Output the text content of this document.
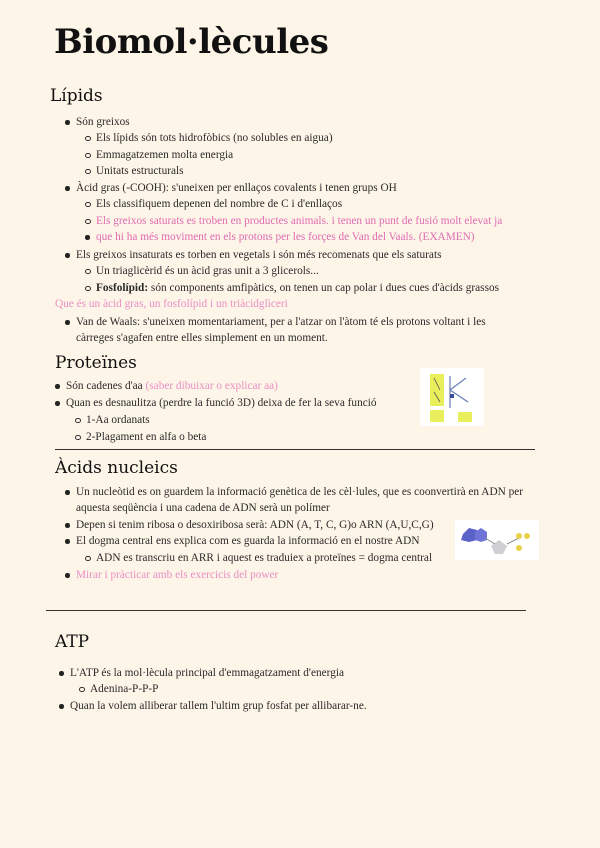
Biomol·lècules
Lípids
Són greixos
Els lípids són tots hidrofòbics (no solubles en aigua)
Emmagatzemen molta energia
Unitats estructurals
Àcid gras (-COOH): s'uneixen per enllaços covalents i tenen grups OH
Els classifiquem depenen del nombre de C i d'enllaços
Els greixos saturats es troben en productes animals. i tenen un punt de fusió molt elevat ja
que hi ha més moviment en els protons per les forçes de Van del Vaals. (EXAMEN)
Els greixos insaturats es torben en vegetals i són més recomenats que els saturats
Un triaglicèrid és un àcid gras unit a 3 glicerols...
Fosfolípid: són components amfipàtics, on tenen un cap polar i dues cues d'àcids grassos
Que és un àcid gras, un fosfolípid i un triàcidglìceri
Van de Waals: s'uneixen momentariament, per a l'atzar on l'àtom té els protons voltant i les
càrreges s'agafen entre elles simplement en un moment.
Proteïnes
Són cadenes d'aa (saber dibuixar o explicar aa)
Quan es desnaulitza (perdre la funció 3D) deixa de fer la seva funció
1-Aa ordanats
2-Plagament en alfa o beta
Àcids nucleics
Un nucleòtid es on guardem la informació genètica de les cèl·lules, que es coonvertirà en ADN per
aquesta seqüència i una cadena de ADN serà un polímer
Depen si tenim ribosa o desoxiribosa serà: ADN (A, T, C, G)o ARN (A,U,C,G)
El dogma central ens explica com es guarda la informació en el nostre ADN
ADN es transcriu en ARR i aquest es traduiex a proteïnes = dogma central
Mirar i pràcticar amb els exercicis del power
ATP
L'ATP és la mol·lècula principal d'emmagatzament d'energia
Adenina-P-P-P
Quan la volem alliberar tallem l'ultim grup fosfat per allibarar-ne.
